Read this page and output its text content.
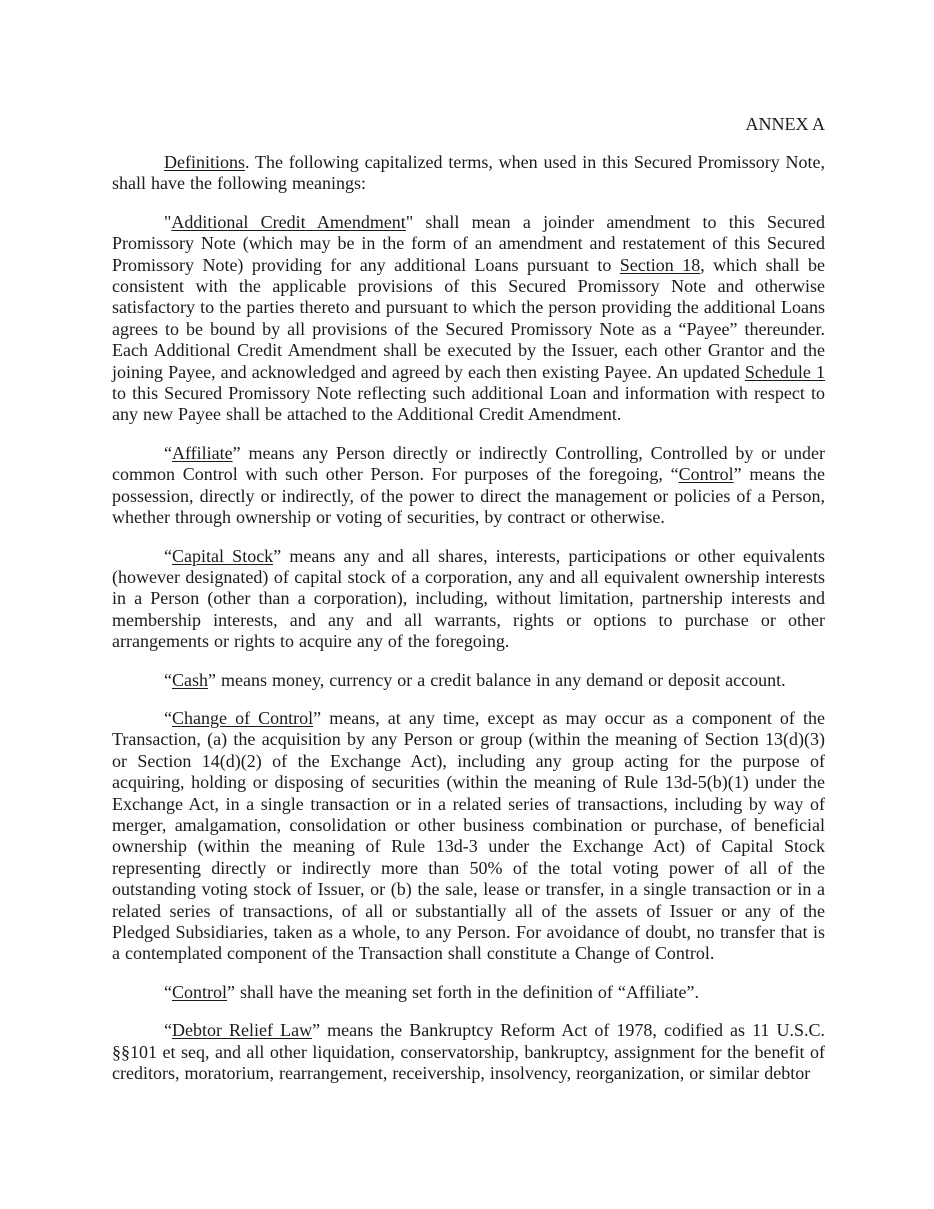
ANNEX A

Definitions. The following capitalized terms, when used in this Secured Promissory Note, shall have the following meanings:

"Additional Credit Amendment" shall mean a joinder amendment to this Secured Promissory Note (which may be in the form of an amendment and restatement of this Secured Promissory Note) providing for any additional Loans pursuant to Section 18, which shall be consistent with the applicable provisions of this Secured Promissory Note and otherwise satisfactory to the parties thereto and pursuant to which the person providing the additional Loans agrees to be bound by all provisions of the Secured Promissory Note as a “Payee” thereunder. Each Additional Credit Amendment shall be executed by the Issuer, each other Grantor and the joining Payee, and acknowledged and agreed by each then existing Payee. An updated Schedule 1 to this Secured Promissory Note reflecting such additional Loan and information with respect to any new Payee shall be attached to the Additional Credit Amendment.

“Affiliate” means any Person directly or indirectly Controlling, Controlled by or under common Control with such other Person. For purposes of the foregoing, “Control” means the possession, directly or indirectly, of the power to direct the management or policies of a Person, whether through ownership or voting of securities, by contract or otherwise.

“Capital Stock” means any and all shares, interests, participations or other equivalents (however designated) of capital stock of a corporation, any and all equivalent ownership interests in a Person (other than a corporation), including, without limitation, partnership interests and membership interests, and any and all warrants, rights or options to purchase or other arrangements or rights to acquire any of the foregoing.

“Cash” means money, currency or a credit balance in any demand or deposit account.

“Change of Control” means, at any time, except as may occur as a component of the Transaction, (a) the acquisition by any Person or group (within the meaning of Section 13(d)(3) or Section 14(d)(2) of the Exchange Act), including any group acting for the purpose of acquiring, holding or disposing of securities (within the meaning of Rule 13d-5(b)(1) under the Exchange Act, in a single transaction or in a related series of transactions, including by way of merger, amalgamation, consolidation or other business combination or purchase, of beneficial ownership (within the meaning of Rule 13d-3 under the Exchange Act) of Capital Stock representing directly or indirectly more than 50% of the total voting power of all of the outstanding voting stock of Issuer, or (b) the sale, lease or transfer, in a single transaction or in a related series of transactions, of all or substantially all of the assets of Issuer or any of the Pledged Subsidiaries, taken as a whole, to any Person. For avoidance of doubt, no transfer that is a contemplated component of the Transaction shall constitute a Change of Control.

“Control” shall have the meaning set forth in the definition of “Affiliate”.

“Debtor Relief Law” means the Bankruptcy Reform Act of 1978, codified as 11 U.S.C. §§101 et seq, and all other liquidation, conservatorship, bankruptcy, assignment for the benefit of creditors, moratorium, rearrangement, receivership, insolvency, reorganization, or similar debtor
